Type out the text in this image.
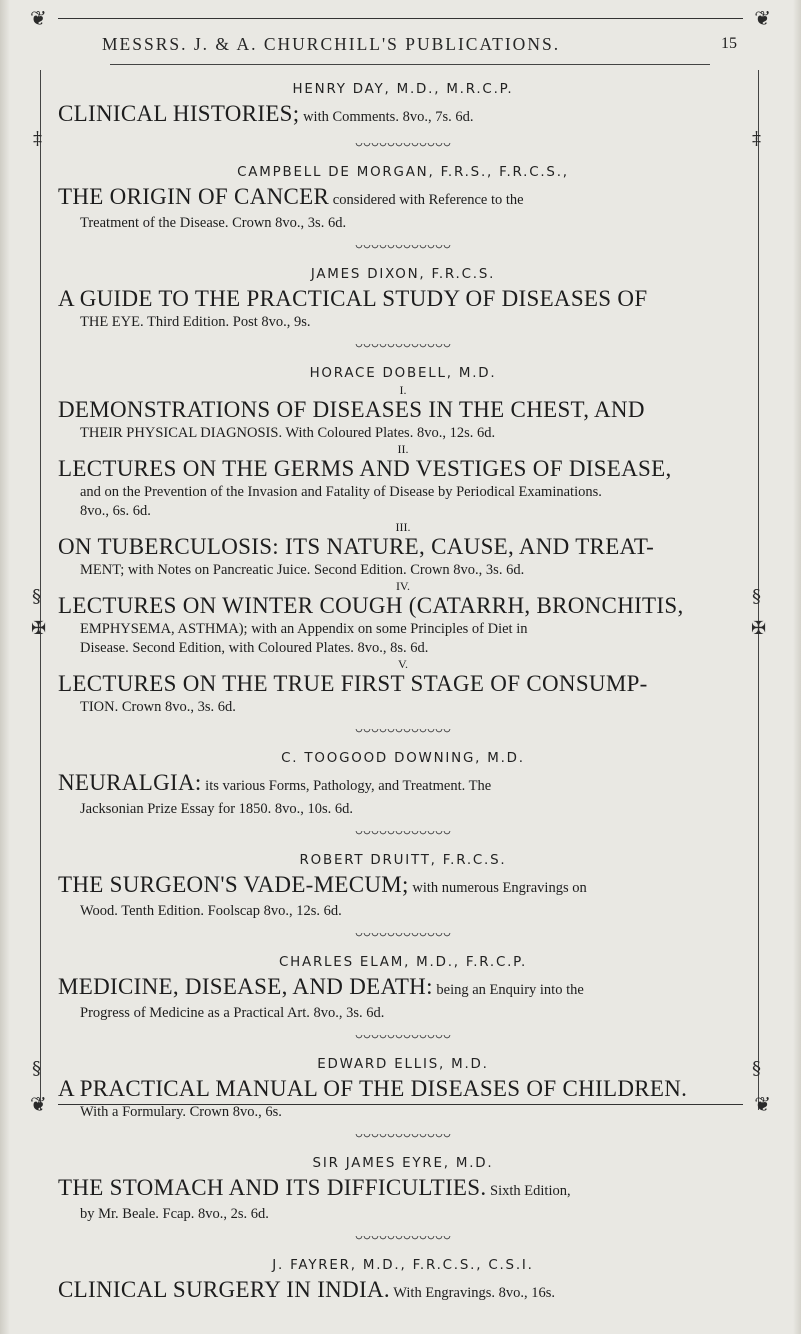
❦	❦
‡	‡
§
✠
§
✠
§	§
MESSRS. J. & A. CHURCHILL'S PUBLICATIONS.	15
HENRY DAY, M.D., M.R.C.P.
CLINICAL HISTORIES; with Comments. 8vo., 7s. 6d.
CAMPBELL DE MORGAN, F.R.S., F.R.C.S.,
THE ORIGIN OF CANCER considered with Reference to the
Treatment of the Disease. Crown 8vo., 3s. 6d.
JAMES DIXON, F.R.C.S.
A GUIDE TO THE PRACTICAL STUDY OF DISEASES OF
THE EYE. Third Edition. Post 8vo., 9s.
HORACE DOBELL, M.D.
I.
DEMONSTRATIONS OF DISEASES IN THE CHEST, AND
THEIR PHYSICAL DIAGNOSIS. With Coloured Plates. 8vo., 12s. 6d.
II.
LECTURES ON THE GERMS AND VESTIGES OF DISEASE,
and on the Prevention of the Invasion and Fatality of Disease by Periodical Examinations.
8vo., 6s. 6d.
III.
ON TUBERCULOSIS: ITS NATURE, CAUSE, AND TREAT-
MENT; with Notes on Pancreatic Juice. Second Edition. Crown 8vo., 3s. 6d.
IV.
LECTURES ON WINTER COUGH (CATARRH, BRONCHITIS,
EMPHYSEMA, ASTHMA); with an Appendix on some Principles of Diet in
Disease. Second Edition, with Coloured Plates. 8vo., 8s. 6d.
V.
LECTURES ON THE TRUE FIRST STAGE OF CONSUMP-
TION. Crown 8vo., 3s. 6d.
C. TOOGOOD DOWNING, M.D.
NEURALGIA: its various Forms, Pathology, and Treatment. The
Jacksonian Prize Essay for 1850. 8vo., 10s. 6d.
ROBERT DRUITT, F.R.C.S.
THE SURGEON'S VADE-MECUM; with numerous Engravings on
Wood. Tenth Edition. Foolscap 8vo., 12s. 6d.
CHARLES ELAM, M.D., F.R.C.P.
MEDICINE, DISEASE, AND DEATH: being an Enquiry into the
Progress of Medicine as a Practical Art. 8vo., 3s. 6d.
EDWARD ELLIS, M.D.
A PRACTICAL MANUAL OF THE DISEASES OF CHILDREN.
With a Formulary. Crown 8vo., 6s.
SIR JAMES EYRE, M.D.
THE STOMACH AND ITS DIFFICULTIES. Sixth Edition,
by Mr. Beale. Fcap. 8vo., 2s. 6d.
J. FAYRER, M.D., F.R.C.S., C.S.I.
CLINICAL SURGERY IN INDIA. With Engravings. 8vo., 16s.
❦	❦
